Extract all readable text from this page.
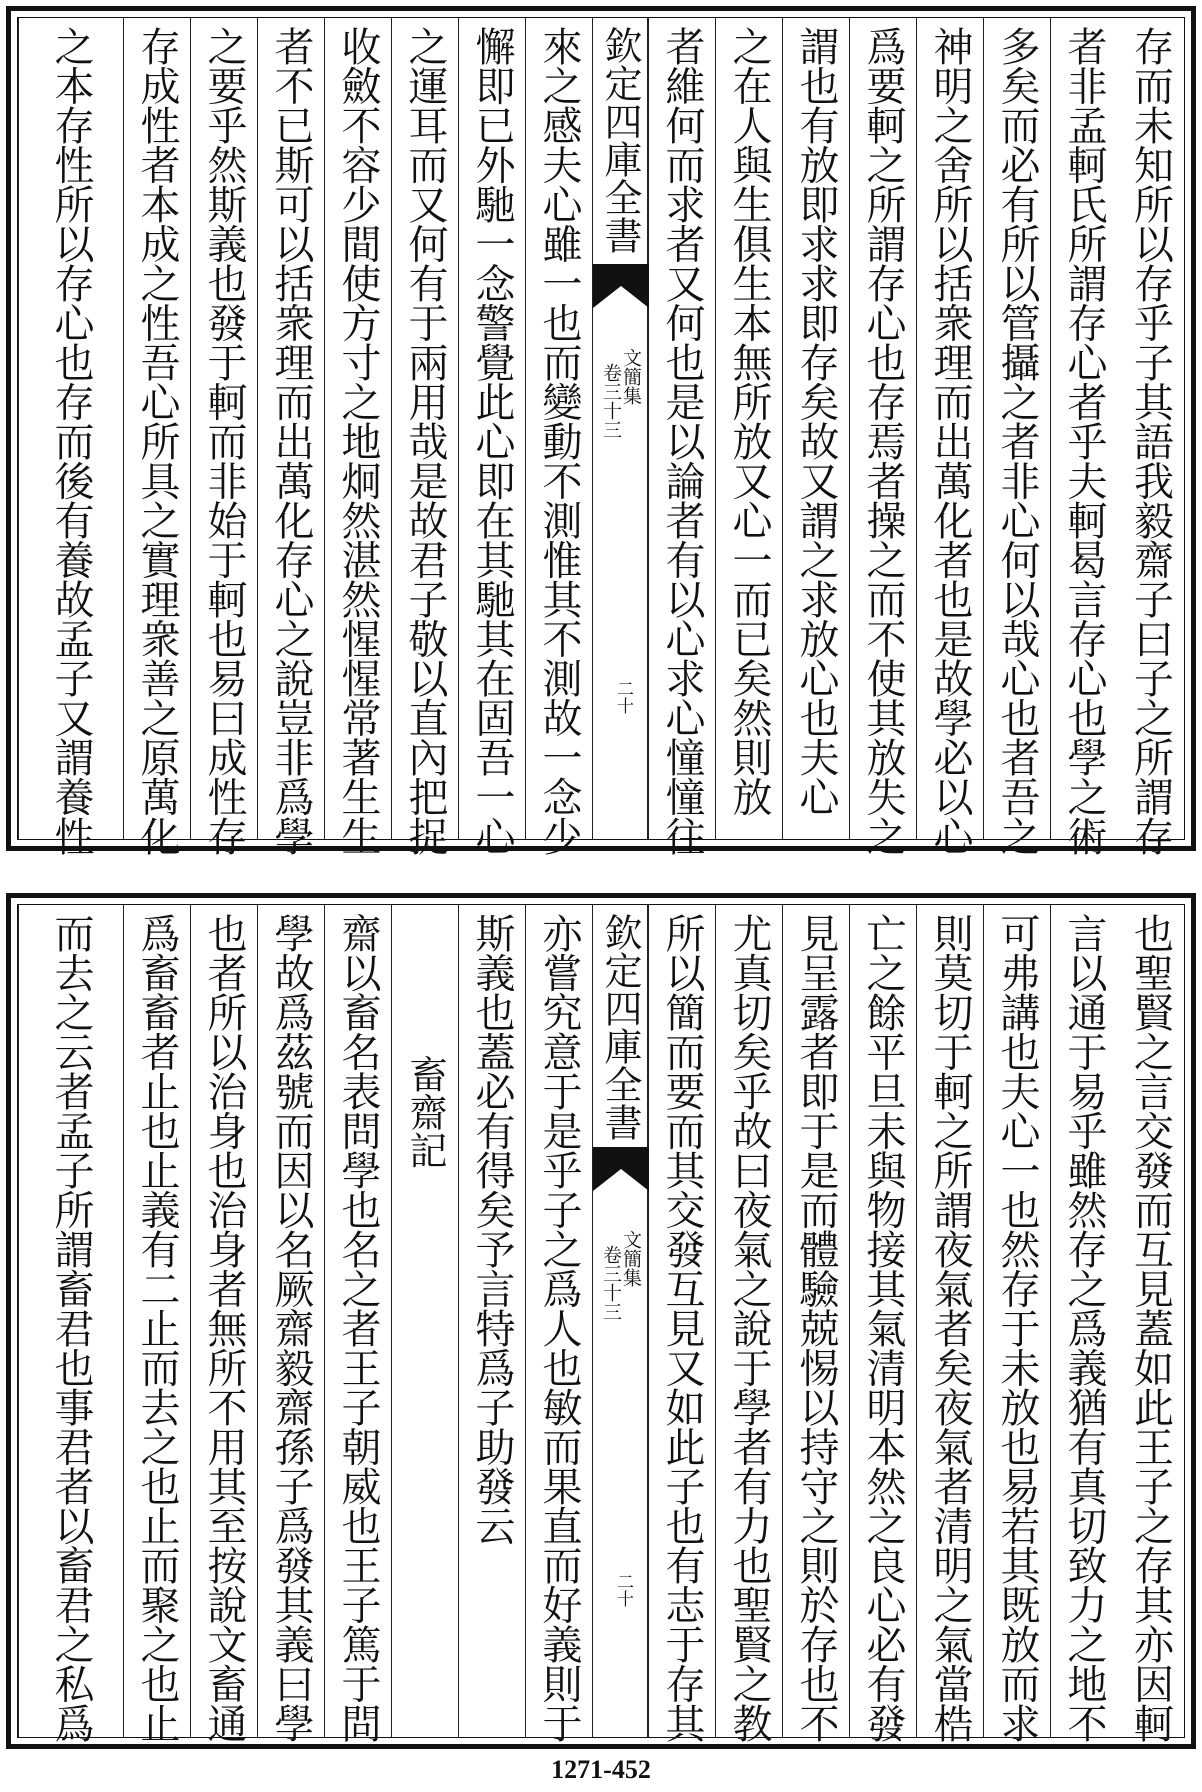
存而未知所以存乎子其語我毅齋子曰子之所謂存
者非孟軻氏所謂存心者乎夫軻曷言存心也學之術
多矣而必有所以管攝之者非心何以哉心也者吾之
神明之舍所以括衆理而出萬化者也是故學必以心
爲要軻之所謂存心也存焉者操之而不使其放失之
謂也有放即求求即存矣故又謂之求放心也夫心
之在人與生俱生本無所放又心一而已矣然則放
者維何而求者又何也是以論者有以心求心憧憧往
欽定四庫全書
文簡集
卷三十三
二十
來之感夫心雖一也而變動不測惟其不測故一念少
懈即已外馳一念警覺此心即在其馳其在固吾一心
之運耳而又何有于兩用哉是故君子敬以直內把捉
收斂不容少間使方寸之地炯然湛然惺惺常著生生
者不已斯可以括衆理而出萬化存心之說豈非爲學
之要乎然斯義也發于軻而非始于軻也易曰成性存
存成性者本成之性吾心所具之實理衆善之原萬化
之本存性所以存心也存而後有養故孟子又謂養性
也聖賢之言交發而互見蓋如此王子之存其亦因軻
言以通于易乎雖然存之爲義猶有真切致力之地不
可弗講也夫心一也然存于未放也易若其既放而求
則莫切于軻之所謂夜氣者矣夜氣者清明之氣當梏
亡之餘平旦未與物接其氣清明本然之良心必有發
見呈露者即于是而體驗兢惕以持守之則於存也不
尤真切矣乎故曰夜氣之說于學者有力也聖賢之教
所以簡而要而其交發互見又如此子也有志于存其
欽定四庫全書
文簡集
卷三十三
二十
亦嘗究意于是乎子之爲人也敏而果直而好義則于
斯義也蓋必有得矣予言特爲子助發云
畜齋記
齋以畜名表問學也名之者王子朝威也王子篤于問
學故爲茲號而因以名厥齋毅齋孫子爲發其義曰學
也者所以治身也治身者無所不用其至按說文畜通
爲畜畜者止也止義有二止而去之也止而聚之也止
而去之云者孟子所謂畜君也事君者以畜君之私爲
1271-452
